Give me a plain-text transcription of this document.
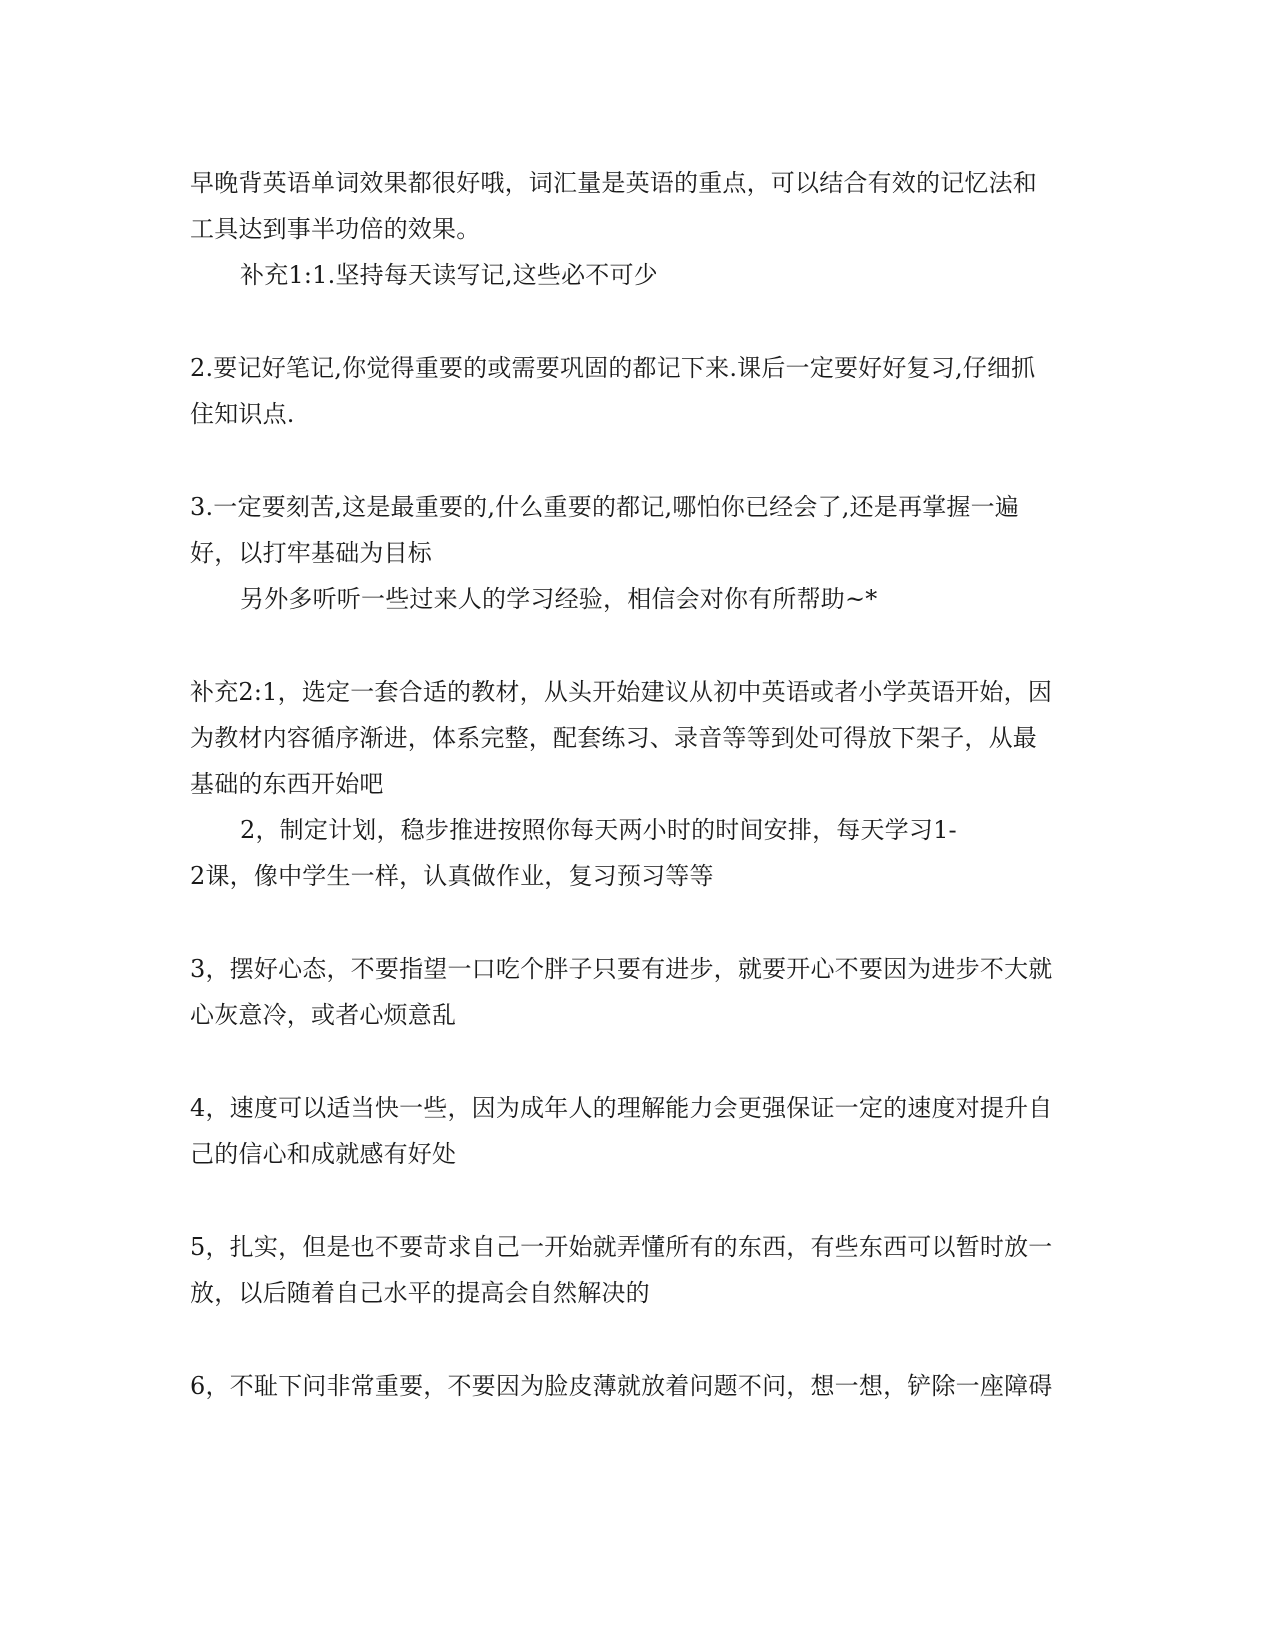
早晚背英语单词效果都很好哦，词汇量是英语的重点，可以结合有效的记忆法和
工具达到事半功倍的效果。
补充1:1.坚持每天读写记,这些必不可少
2.要记好笔记,你觉得重要的或需要巩固的都记下来.课后一定要好好复习,仔细抓
住知识点.
3.一定要刻苦,这是最重要的,什么重要的都记,哪怕你已经会了,还是再掌握一遍
好，以打牢基础为目标
另外多听听一些过来人的学习经验，相信会对你有所帮助~*
补充2:1，选定一套合适的教材，从头开始建议从初中英语或者小学英语开始，因
为教材内容循序渐进，体系完整，配套练习、录音等等到处可得放下架子，从最
基础的东西开始吧
2，制定计划，稳步推进按照你每天两小时的时间安排，每天学习1-
2课，像中学生一样，认真做作业，复习预习等等
3，摆好心态，不要指望一口吃个胖子只要有进步，就要开心不要因为进步不大就
心灰意冷，或者心烦意乱
4，速度可以适当快一些，因为成年人的理解能力会更强保证一定的速度对提升自
己的信心和成就感有好处
5，扎实，但是也不要苛求自己一开始就弄懂所有的东西，有些东西可以暂时放一
放，以后随着自己水平的提高会自然解决的
6，不耻下问非常重要，不要因为脸皮薄就放着问题不问，想一想，铲除一座障碍
